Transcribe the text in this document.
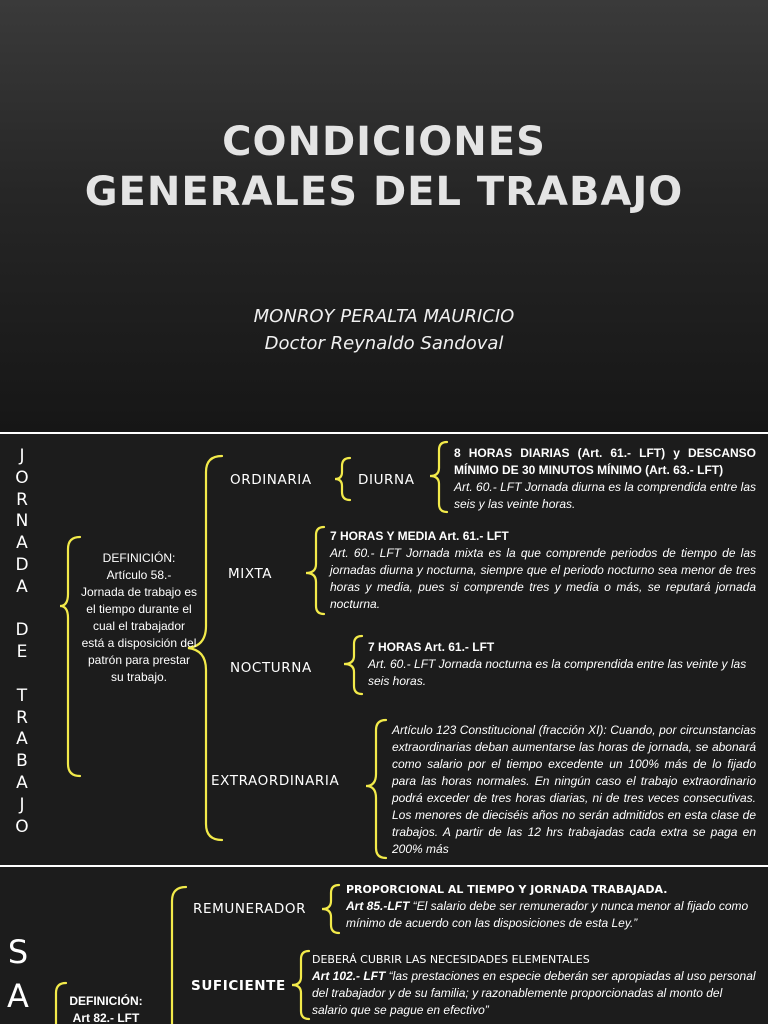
CONDICIONES
GENERALES DEL TRABAJO
MONROY PERALTA MAURICIO
Doctor Reynaldo Sandoval
J
O
R
N
A
D
A
D
E
T
R
A
B
A
J
O
DEFINICIÓN:
Artículo 58.-
Jornada de trabajo es el tiempo durante el cual el trabajador está a disposición del patrón para prestar su trabajo.
ORDINARIA	DIURNA
MIXTA
NOCTURNA
EXTRAORDINARIA
8 HORAS DIARIAS (Art. 61.- LFT) y DESCANSO MÍNIMO DE 30 MINUTOS MÍNIMO (Art. 63.- LFT)
Art. 60.- LFT Jornada diurna es la comprendida entre las seis y las veinte horas.
7 HORAS Y MEDIA Art. 61.- LFT
Art. 60.- LFT Jornada mixta es la que comprende periodos de tiempo de las jornadas diurna y nocturna, siempre que el periodo nocturno sea menor de tres horas y media, pues si comprende tres y media o más, se reputará jornada nocturna.
7 HORAS Art. 61.- LFT
Art. 60.- LFT Jornada nocturna es la comprendida entre las veinte y las seis horas.
Artículo 123 Constitucional (fracción XI): Cuando, por circunstancias extraordinarias deban aumentarse las horas de jornada, se abonará como salario por el tiempo excedente un 100% más de lo fijado para las horas normales. En ningún caso el trabajo extraordinario podrá exceder de tres horas diarias, ni de tres veces consecutivas. Los menores de dieciséis años no serán admitidos en esta clase de trabajos. A partir de las 12 hrs trabajadas cada extra se paga en 200% más
S
A	DEFINICIÓN:
Art 82.- LFT
REMUNERADOR
SUFICIENTE
PROPORCIONAL AL TIEMPO Y JORNADA TRABAJADA.
Art 85.-LFT “El salario debe ser remunerador y nunca menor al fijado como mínimo de acuerdo con las disposiciones de esta Ley.”
DEBERÁ CUBRIR LAS NECESIDADES ELEMENTALES
Art 102.- LFT “las prestaciones en especie deberán ser apropiadas al uso personal del trabajador y de su familia; y razonablemente proporcionadas al monto del salario que se pague en efectivo”
